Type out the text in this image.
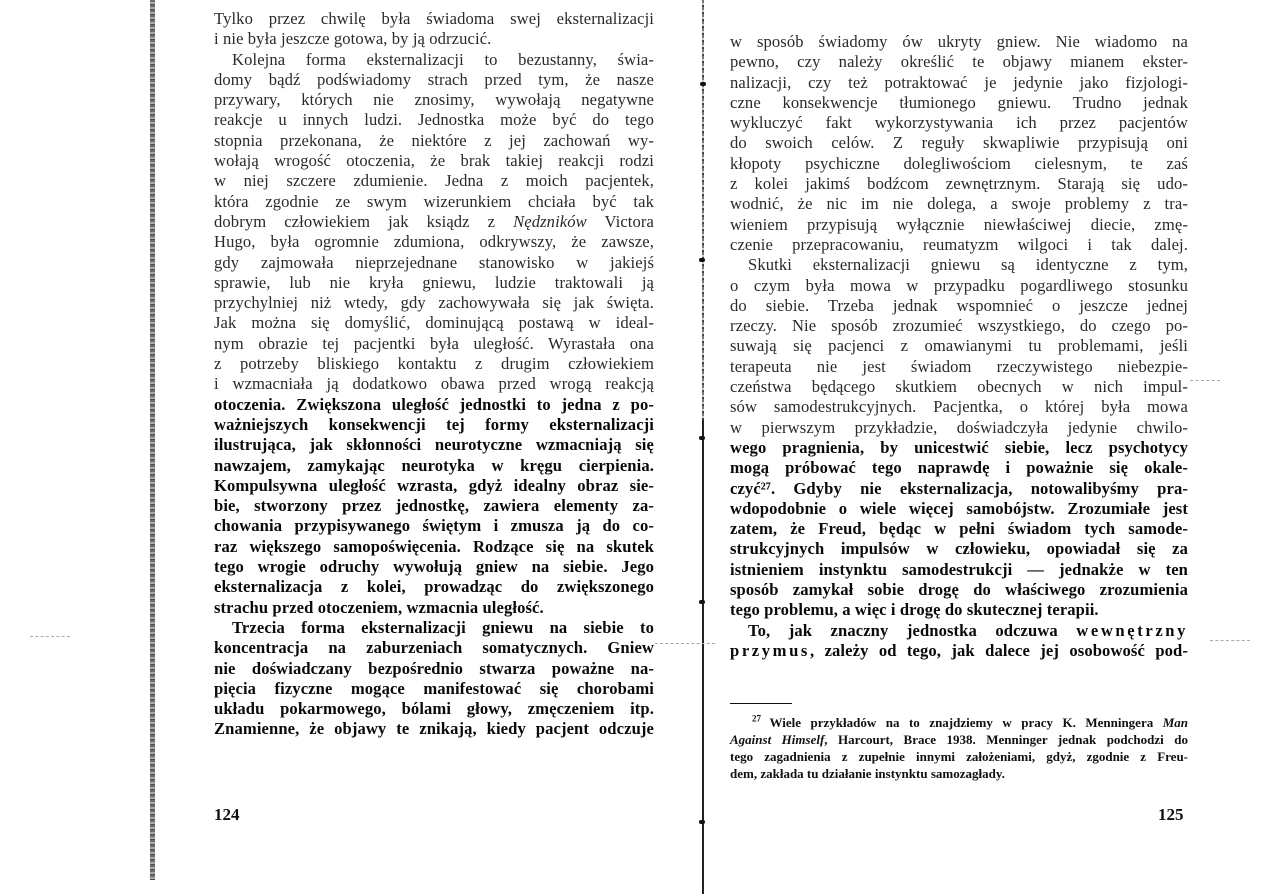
Tylko przez chwilę była świadoma swej eksternalizacji
i nie była jeszcze gotowa, by ją odrzucić.
Kolejna forma eksternalizacji to bezustanny, świa-
domy bądź podświadomy strach przed tym, że nasze
przywary, których nie znosimy, wywołają negatywne
reakcje u innych ludzi. Jednostka może być do tego
stopnia przekonana, że niektóre z jej zachowań wy-
wołają wrogość otoczenia, że brak takiej reakcji rodzi
w niej szczere zdumienie. Jedna z moich pacjentek,
która zgodnie ze swym wizerunkiem chciała być tak
dobrym człowiekiem jak ksiądz z Nędzników Victora
Hugo, była ogromnie zdumiona, odkrywszy, że zawsze,
gdy zajmowała nieprzejednane stanowisko w jakiejś
sprawie, lub nie kryła gniewu, ludzie traktowali ją
przychylniej niż wtedy, gdy zachowywała się jak święta.
Jak można się domyślić, dominującą postawą w ideal-
nym obrazie tej pacjentki była uległość. Wyrastała ona
z potrzeby bliskiego kontaktu z drugim człowiekiem
i wzmacniała ją dodatkowo obawa przed wrogą reakcją
otoczenia. Zwiększona uległość jednostki to jedna z po-
ważniejszych konsekwencji tej formy eksternalizacji
ilustrująca, jak skłonności neurotyczne wzmacniają się
nawzajem, zamykając neurotyka w kręgu cierpienia.
Kompulsywna uległość wzrasta, gdyż idealny obraz sie-
bie, stworzony przez jednostkę, zawiera elementy za-
chowania przypisywanego świętym i zmusza ją do co-
raz większego samopoświęcenia. Rodzące się na skutek
tego wrogie odruchy wywołują gniew na siebie. Jego
eksternalizacja z kolei, prowadząc do zwiększonego
strachu przed otoczeniem, wzmacnia uległość.
Trzecia forma eksternalizacji gniewu na siebie to
koncentracja na zaburzeniach somatycznych. Gniew
nie doświadczany bezpośrednio stwarza poważne na-
pięcia fizyczne mogące manifestować się chorobami
układu pokarmowego, bólami głowy, zmęczeniem itp.
Znamienne, że objawy te znikają, kiedy pacjent odczuje
124
w sposób świadomy ów ukryty gniew. Nie wiadomo na
pewno, czy należy określić te objawy mianem ekster-
nalizacji, czy też potraktować je jedynie jako fizjologi-
czne konsekwencje tłumionego gniewu. Trudno jednak
wykluczyć fakt wykorzystywania ich przez pacjentów
do swoich celów. Z reguły skwapliwie przypisują oni
kłopoty psychiczne dolegliwościom cielesnym, te zaś
z kolei jakimś bodźcom zewnętrznym. Starają się udo-
wodnić, że nic im nie dolega, a swoje problemy z tra-
wieniem przypisują wyłącznie niewłaściwej diecie, zmę-
czenie przepracowaniu, reumatyzm wilgoci i tak dalej.
Skutki eksternalizacji gniewu są identyczne z tym,
o czym była mowa w przypadku pogardliwego stosunku
do siebie. Trzeba jednak wspomnieć o jeszcze jednej
rzeczy. Nie sposób zrozumieć wszystkiego, do czego po-
suwają się pacjenci z omawianymi tu problemami, jeśli
terapeuta nie jest świadom rzeczywistego niebezpie-
czeństwa będącego skutkiem obecnych w nich impul-
sów samodestrukcyjnych. Pacjentka, o której była mowa
w pierwszym przykładzie, doświadczyła jedynie chwilo-
wego pragnienia, by unicestwić siebie, lecz psychotycy
mogą próbować tego naprawdę i poważnie się okale-
czyć²⁷. Gdyby nie eksternalizacja, notowalibyśmy pra-
wdopodobnie o wiele więcej samobójstw. Zrozumiałe jest
zatem, że Freud, będąc w pełni świadom tych samode-
strukcyjnych impulsów w człowieku, opowiadał się za
istnieniem instynktu samodestrukcji — jednakże w ten
sposób zamykał sobie drogę do właściwego zrozumienia
tego problemu, a więc i drogę do skutecznej terapii.
To, jak znaczny jednostka odczuwa wewnętrzny
przymus, zależy od tego, jak dalece jej osobowość pod-
$^{27}$ Wiele przykładów na to znajdziemy w pracy K. Menningera Man
Against Himself, Harcourt, Brace 1938. Menninger jednak podchodzi do
tego zagadnienia z zupełnie innymi założeniami, gdyż, zgodnie z Freu-
dem, zakłada tu działanie instynktu samozagłady.
125
